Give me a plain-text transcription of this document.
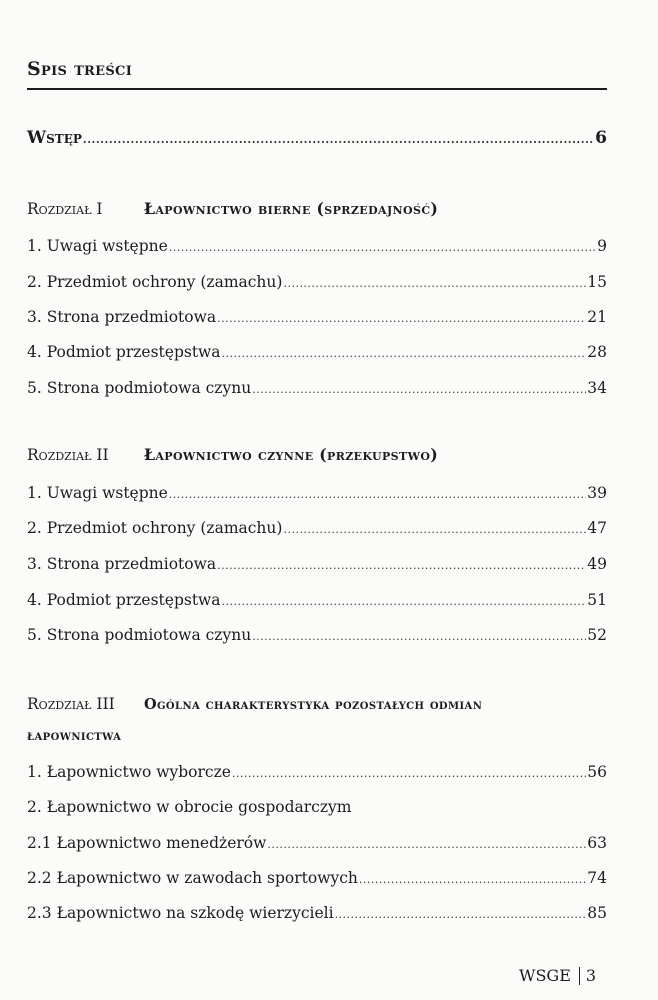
Spis treści
Wstęp .....	6
Rozdział I	Łapownictwo bierne (sprzedajność)
1. Uwagi wstępne .....	9
2. Przedmiot ochrony (zamachu) .....	15
3. Strona przedmiotowa .....	21
4. Podmiot przestępstwa .....	28
5. Strona podmiotowa czynu .....	34
Rozdział II Łapownictwo czynne (przekupstwo)
1. Uwagi wstępne .....	39
2. Przedmiot ochrony (zamachu) .....	47
3. Strona przedmiotowa .....	49
4. Podmiot przestępstwa .....	51
5. Strona podmiotowa czynu .....	52
Rozdział III Ogólna charakterystyka pozostałych odmian
łapownictwa
1. Łapownictwo wyborcze .....	56
2. Łapownictwo w obrocie gospodarczym
2.1 Łapownictwo menedżerów .....	63
2.2 Łapownictwo w zawodach sportowych .....	74
2.3 Łapownictwo na szkodę wierzycieli .....	85
WSGE 3
